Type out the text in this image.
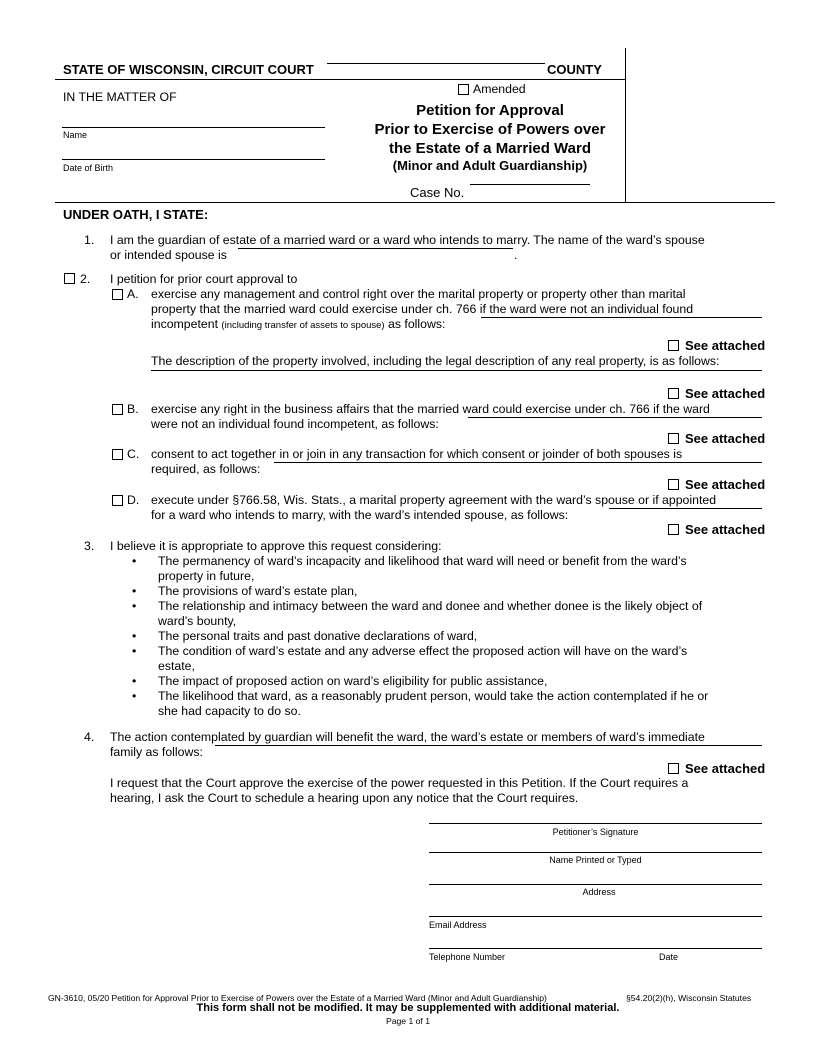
STATE OF WISCONSIN, CIRCUIT COURT	COUNTY
IN THE MATTER OF
Name
Date of Birth
Amended
Petition for Approval
Prior to Exercise of Powers over
the Estate of a Married Ward
(Minor and Adult Guardianship)
Case No.
UNDER OATH, I STATE:
1. I am the guardian of estate of a married ward or a ward who intends to marry. The name of the ward’s spouse
or intended spouse is	.
2. I petition for prior court approval to
A. exercise any management and control right over the marital property or property other than marital
property that the married ward could exercise under ch. 766 if the ward were not an individual found
incompetent (including transfer of assets to spouse) as follows:
See attached
The description of the property involved, including the legal description of any real property, is as follows:
See attached
B. exercise any right in the business affairs that the married ward could exercise under ch. 766 if the ward
were not an individual found incompetent, as follows:
See attached
C. consent to act together in or join in any transaction for which consent or joinder of both spouses is
required, as follows:
See attached
D. execute under §766.58, Wis. Stats., a marital property agreement with the ward’s spouse or if appointed
for a ward who intends to marry, with the ward’s intended spouse, as follows:
See attached
3. I believe it is appropriate to approve this request considering:
• The permanency of ward’s incapacity and likelihood that ward will need or benefit from the ward’s
property in future,
• The provisions of ward’s estate plan,
• The relationship and intimacy between the ward and donee and whether donee is the likely object of
ward’s bounty,
• The personal traits and past donative declarations of ward,
• The condition of ward’s estate and any adverse effect the proposed action will have on the ward’s
estate,
• The impact of proposed action on ward’s eligibility for public assistance,
• The likelihood that ward, as a reasonably prudent person, would take the action contemplated if he or
she had capacity to do so.
4. The action contemplated by guardian will benefit the ward, the ward’s estate or members of ward’s immediate
family as follows:
See attached
I request that the Court approve the exercise of the power requested in this Petition. If the Court requires a
hearing, I ask the Court to schedule a hearing upon any notice that the Court requires.
Petitioner’s Signature
Name Printed or Typed
Address
Email Address
Telephone Number	Date
GN-3610, 05/20 Petition for Approval Prior to Exercise of Powers over the Estate of a Married Ward (Minor and Adult Guardianship)	§54.20(2)(h), Wisconsin Statutes
This form shall not be modified. It may be supplemented with additional material.
Page 1 of 1
